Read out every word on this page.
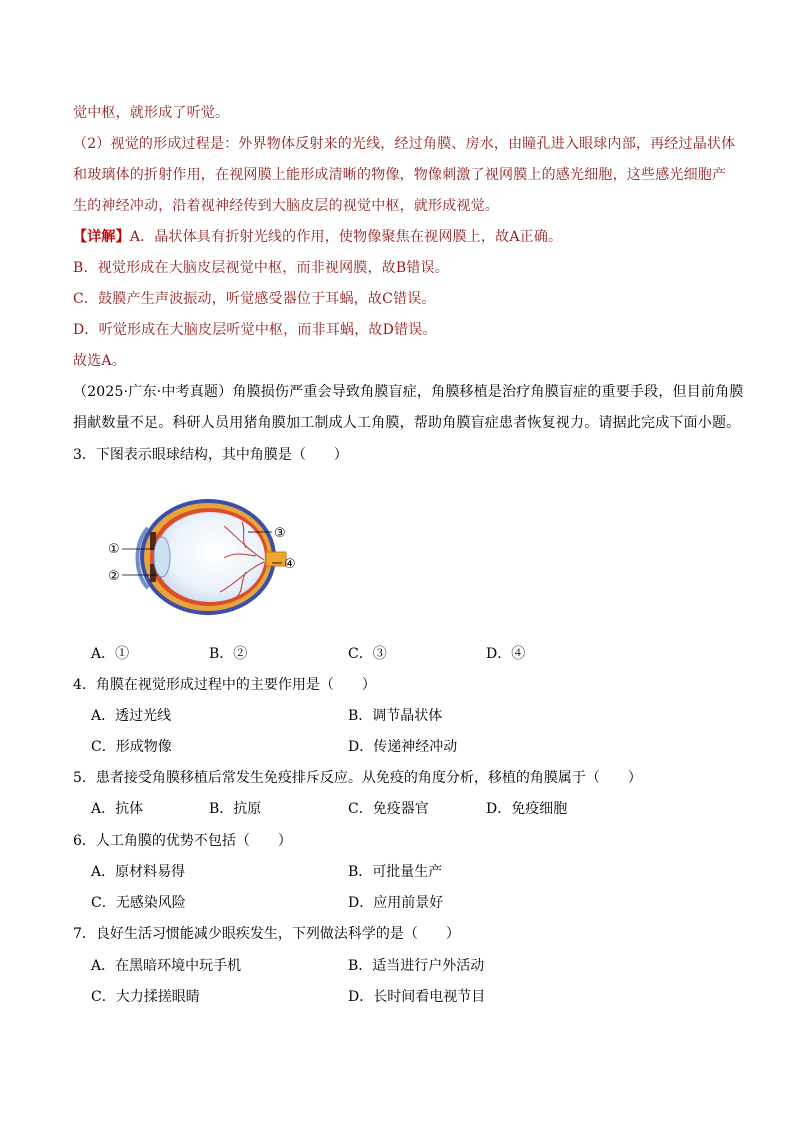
觉中枢，就形成了听觉。
（2）视觉的形成过程是：外界物体反射来的光线，经过角膜、房水，由瞳孔进入眼球内部，再经过晶状体
和玻璃体的折射作用，在视网膜上能形成清晰的物像，物像刺激了视网膜上的感光细胞，这些感光细胞产
生的神经冲动，沿着视神经传到大脑皮层的视觉中枢，就形成视觉。
【详解】A．晶状体具有折射光线的作用，使物像聚焦在视网膜上，故A正确。
B．视觉形成在大脑皮层视觉中枢，而非视网膜，故B错误。
C．鼓膜产生声波振动，听觉感受器位于耳蜗，故C错误。
D．听觉形成在大脑皮层听觉中枢，而非耳蜗，故D错误。
故选A。
（2025·广东·中考真题）角膜损伤严重会导致角膜盲症，角膜移植是治疗角膜盲症的重要手段，但目前角膜
捐献数量不足。科研人员用猪角膜加工制成人工角膜，帮助角膜盲症患者恢复视力。请据此完成下面小题。
3．下图表示眼球结构，其中角膜是（　　）
①
②
③
④
A．①	B．②	C．③	D．④
4．角膜在视觉形成过程中的主要作用是（　　）
A．透过光线	B．调节晶状体
C．形成物像	D．传递神经冲动
5．患者接受角膜移植后常发生免疫排斥反应。从免疫的角度分析，移植的角膜属于（　　）
A．抗体	B．抗原	C．免疫器官	D．免疫细胞
6．人工角膜的优势不包括（　　）
A．原材料易得	B．可批量生产
C．无感染风险	D．应用前景好
7．良好生活习惯能减少眼疾发生，下列做法科学的是（　　）
A．在黑暗环境中玩手机	B．适当进行户外活动
C．大力揉搓眼睛	D．长时间看电视节目
